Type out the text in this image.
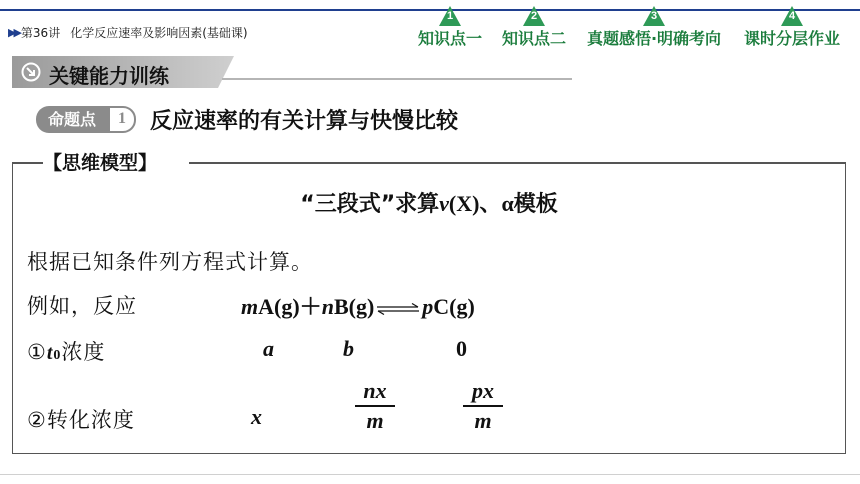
▶▶ 第36讲 化学反应速率及影响因素(基础课)
1
知识点一
2
知识点二
3
真题感悟·明确考向
4
课时分层作业
关键能力训练
命题点	1	反应速率的有关计算与快慢比较
【思维模型】
“三段式”求算v(X)、α模板
根据已知条件列方程式计算。
例如，反应	mA(g)＋nB(g) ⇌ pC(g)
①t0浓度	a	b	0
②转化浓度	x	$\frac{nx}{m}$	$\frac{px}{m}$
